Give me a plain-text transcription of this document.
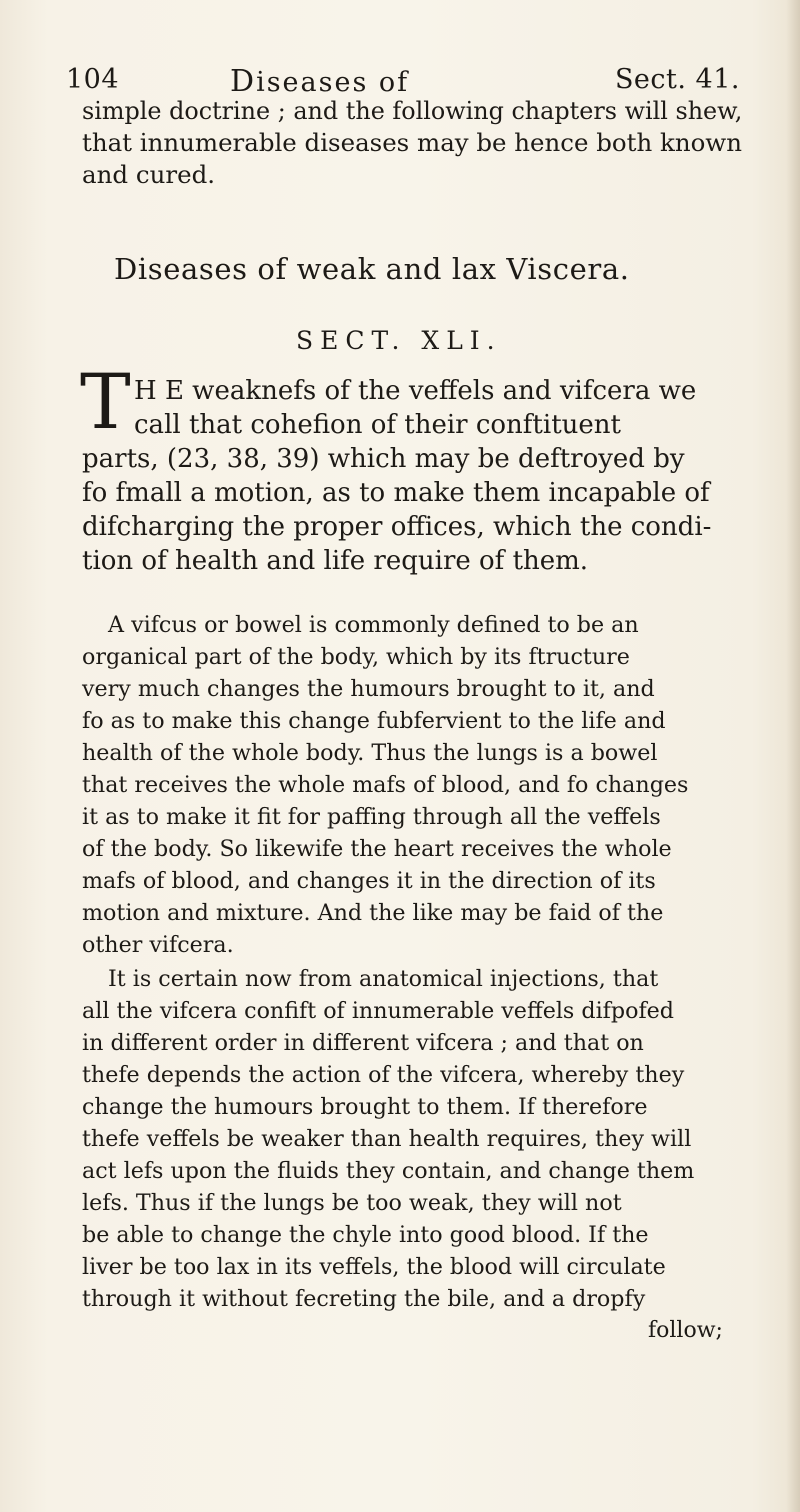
104	Diseases of	Sect. 41.
simple doctrine ; and the following chapters will shew,
that innumerable diseases may be hence both known
and cured.
Diseases of weak and lax Viscera.
SECT. XLI.
T H E weaknefs of the veffels and vifcera we
call that cohefion of their conftituent
parts, (23, 38, 39) which may be deftroyed by
fo fmall a motion, as to make them incapable of
difcharging the proper offices, which the condi-
tion of health and life require of them.
A vifcus or bowel is commonly defined to be an
organical part of the body, which by its ftructure
very much changes the humours brought to it, and
fo as to make this change fubfervient to the life and
health of the whole body. Thus the lungs is a bowel
that receives the whole mafs of blood, and fo changes
it as to make it fit for paffing through all the veffels
of the body. So likewife the heart receives the whole
mafs of blood, and changes it in the direction of its
motion and mixture. And the like may be faid of the
other vifcera.
It is certain now from anatomical injections, that
all the vifcera confift of innumerable veffels difpofed
in different order in different vifcera ; and that on
thefe depends the action of the vifcera, whereby they
change the humours brought to them. If therefore
thefe veffels be weaker than health requires, they will
act lefs upon the fluids they contain, and change them
lefs. Thus if the lungs be too weak, they will not
be able to change the chyle into good blood. If the
liver be too lax in its veffels, the blood will circulate
through it without fecreting the bile, and a dropfy
follow;
